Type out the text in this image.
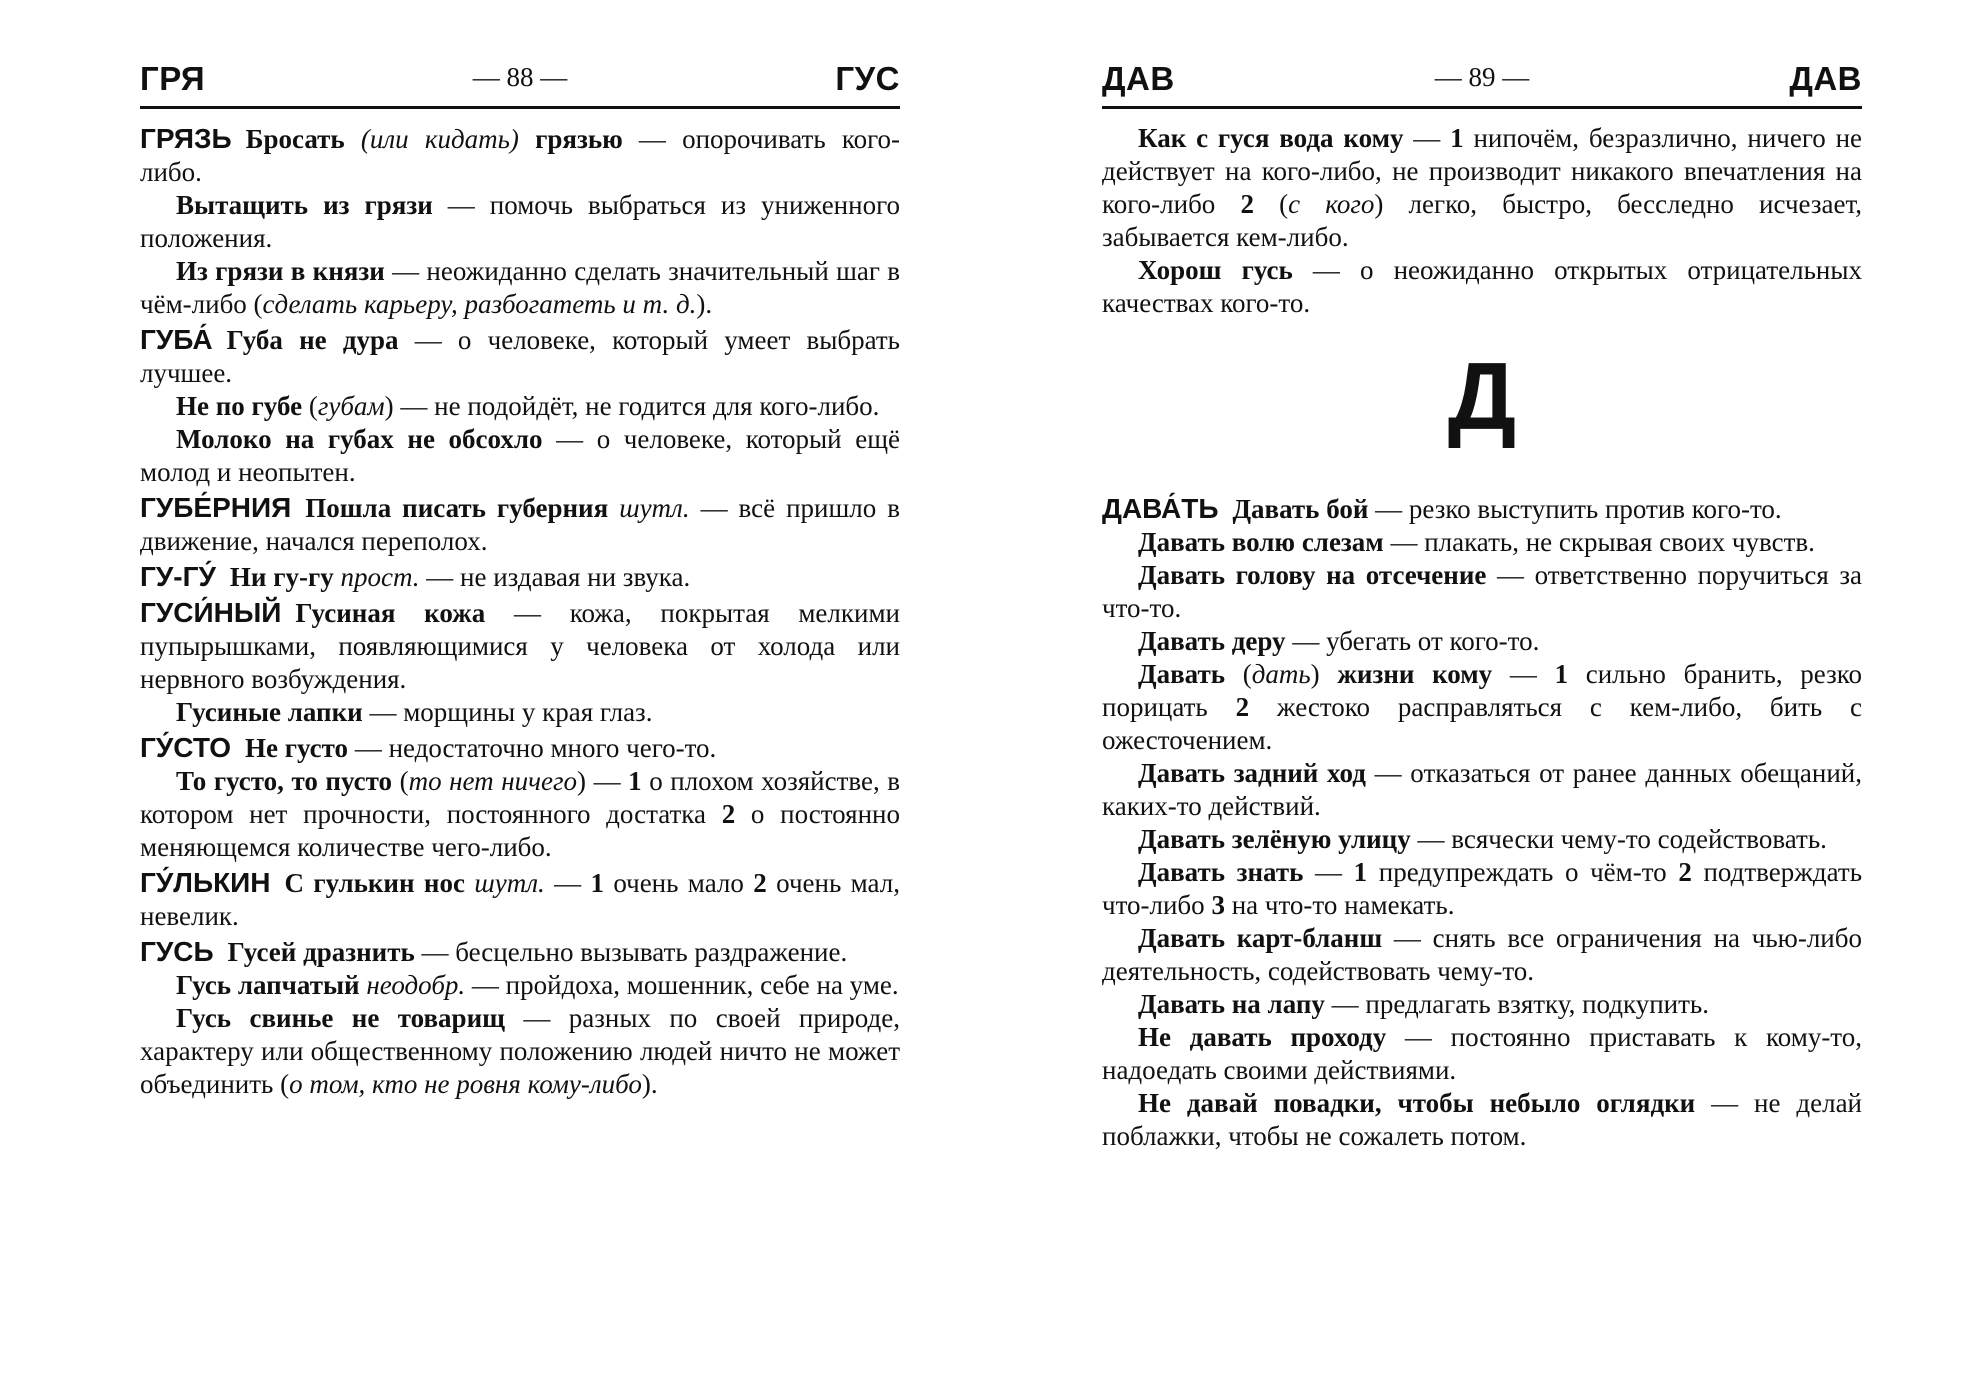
ГРЯ	— 88 —	ГУС

ГРЯЗЬ Бросать (или кидать) грязью — опорочивать кого-либо.

Вытащить из грязи — помочь выбраться из униженного положения.

Из грязи в князи — неожиданно сделать значительный шаг в чём-либо (сделать карьеру, разбогатеть и т. д.).

ГУБА́ Губа не дура — о человеке, который умеет выбрать лучшее.

Не по губе (губам) — не подойдёт, не годится для кого-либо.

Молоко на губах не обсохло — о человеке, который ещё молод и неопытен.

ГУБЕ́РНИЯ Пошла писать губерния шутл. — всё пришло в движение, начался переполох.

ГУ-ГУ́ Ни гу-гу прост. — не издавая ни звука.

ГУСИ́НЫЙ Гусиная кожа — кожа, покрытая мелкими пупырышками, появляющимися у человека от холода или нервного возбуждения.

Гусиные лапки — морщины у края глаз.

ГУ́СТО Не густо — недостаточно много чего-то.

То густо, то пусто (то нет ничего) — 1 о плохом хозяйстве, в котором нет прочности, постоянного достатка 2 о постоянно меняющемся количестве чего-либо.

ГУ́ЛЬКИН С гулькин нос шутл. — 1 очень мало 2 очень мал, невелик.

ГУСЬ Гусей дразнить — бесцельно вызывать раздражение.

Гусь лапчатый неодобр. — пройдоха, мошенник, себе на уме.

Гусь свинье не товарищ — разных по своей природе, характеру или общественному положению людей ничто не может объединить (о том, кто не ровня кому-либо).

ДАВ	— 89 —	ДАВ

Как с гуся вода кому — 1 нипочём, безразлично, ничего не действует на кого-либо, не производит никакого впечатления на кого-либо 2 (с кого) легко, быстро, бесследно исчезает, забывается кем-либо.

Хорош гусь — о неожиданно открытых отрицательных качествах кого-то.

Д

ДАВА́ТЬ Давать бой — резко выступить против кого-то.

Давать волю слезам — плакать, не скрывая своих чувств.

Давать голову на отсечение — ответственно поручиться за что-то.

Давать деру — убегать от кого-то.

Давать (дать) жизни кому — 1 сильно бранить, резко порицать 2 жестоко расправляться с кем-либо, бить с ожесточением.

Давать задний ход — отказаться от ранее данных обещаний, каких-то действий.

Давать зелёную улицу — всячески чему-то содействовать.

Давать знать — 1 предупреждать о чём-то 2 подтверждать что-либо 3 на что-то намекать.

Давать карт-бланш — снять все ограничения на чью-либо деятельность, содействовать чему-то.

Давать на лапу — предлагать взятку, подкупить.

Не давать проходу — постоянно приставать к кому-то, надоедать своими действиями.

Не давай повадки, чтобы небыло оглядки — не делай поблажки, чтобы не сожалеть потом.
